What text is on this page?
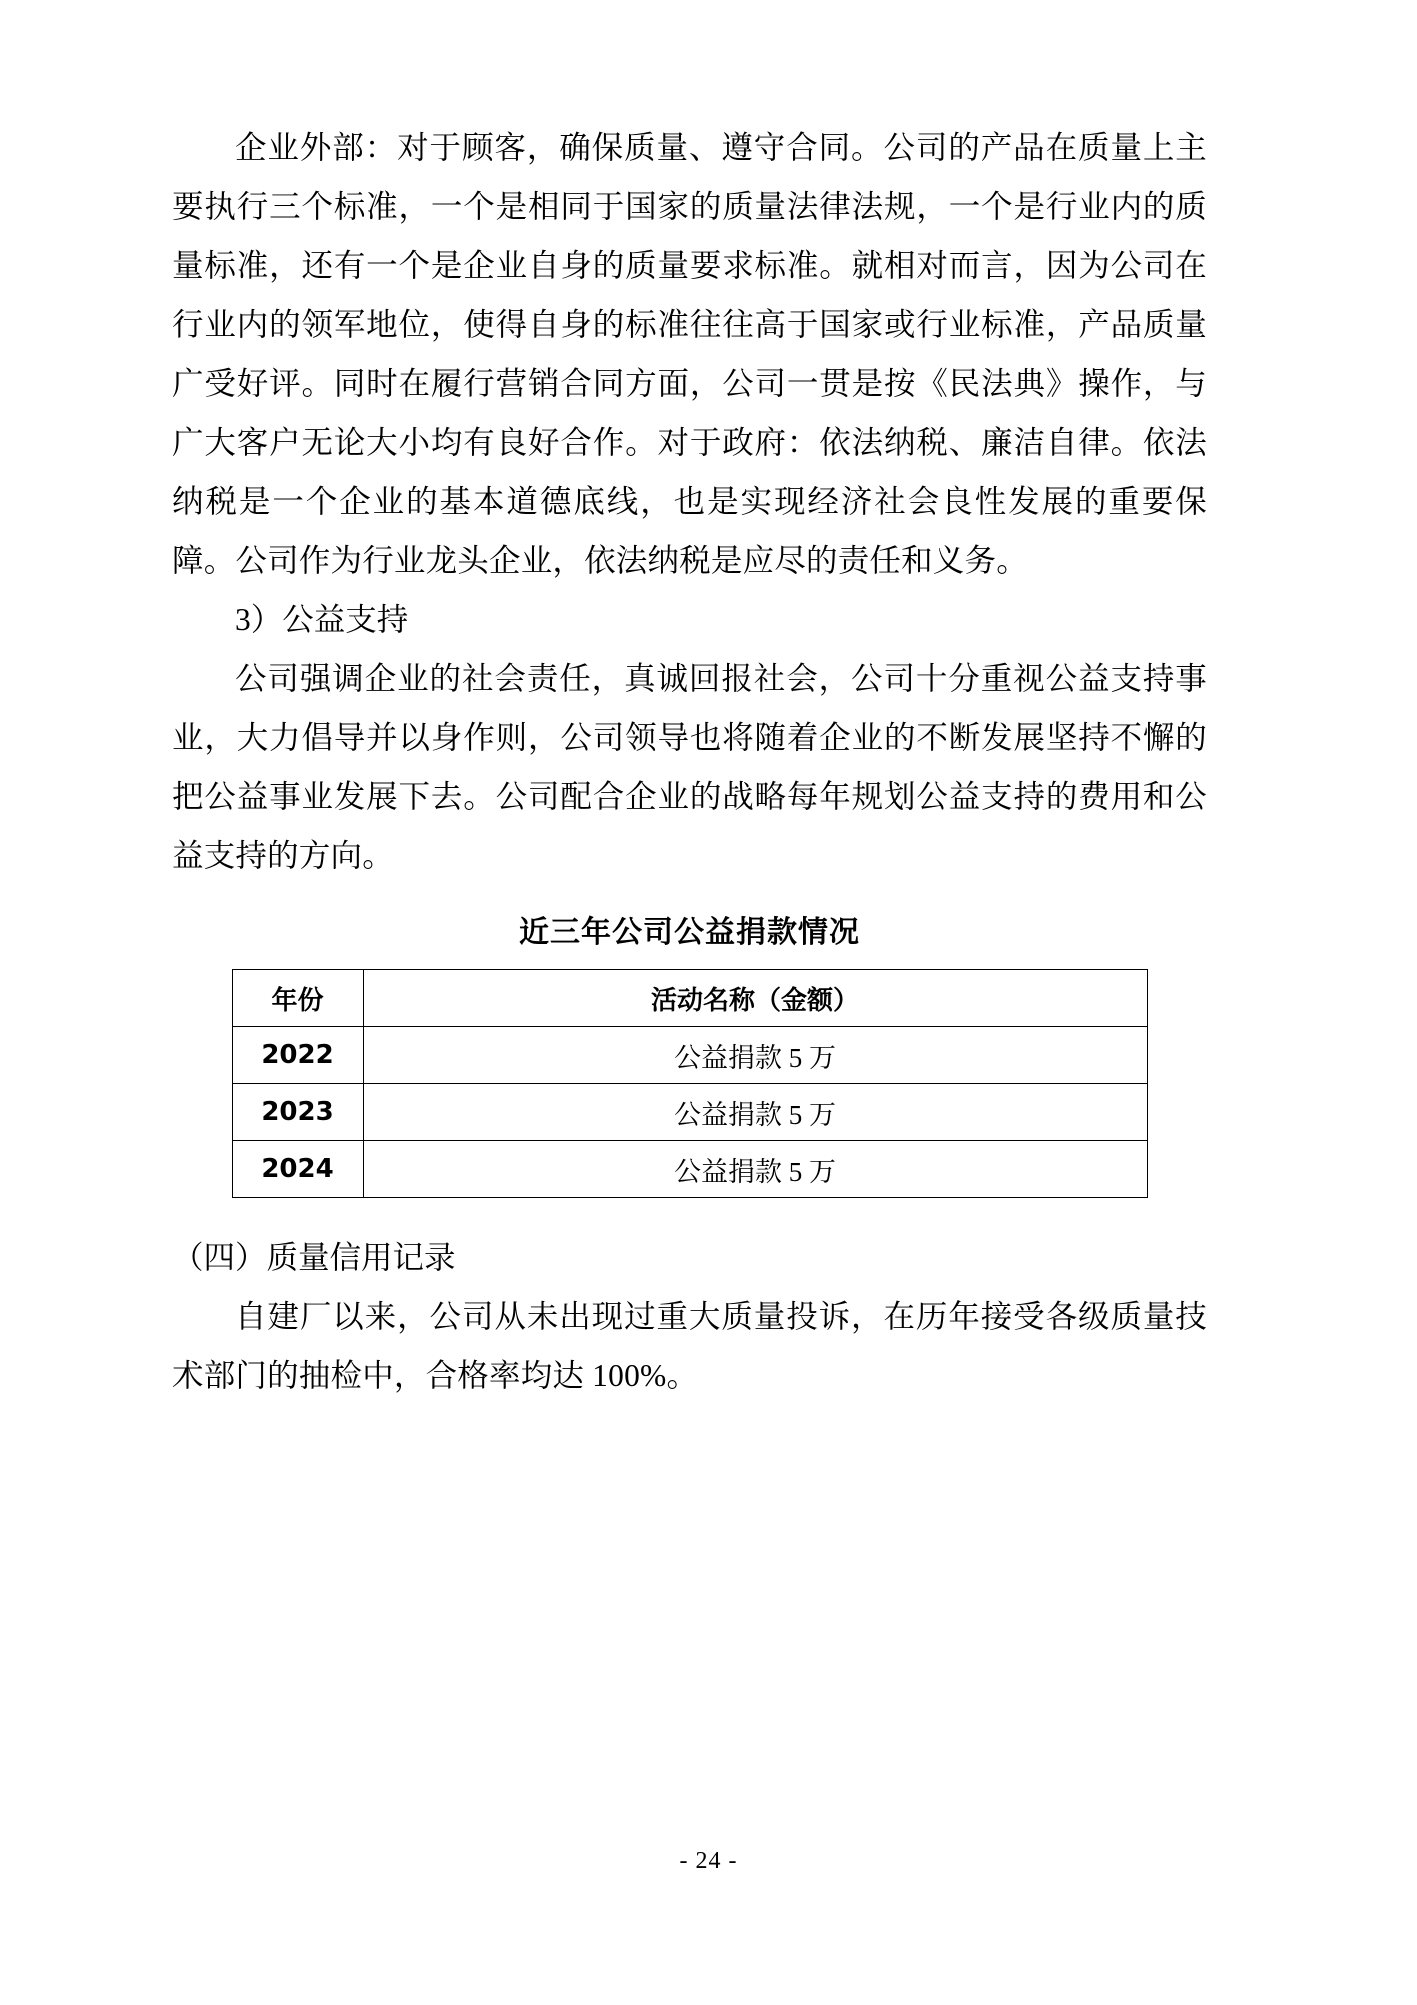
企业外部：对于顾客，确保质量、遵守合同。公司的产品在质量上主要执行三个标准，一个是相同于国家的质量法律法规，一个是行业内的质量标准，还有一个是企业自身的质量要求标准。就相对而言，因为公司在行业内的领军地位，使得自身的标准往往高于国家或行业标准，产品质量广受好评。同时在履行营销合同方面，公司一贯是按《民法典》操作，与广大客户无论大小均有良好合作。对于政府：依法纳税、廉洁自律。依法纳税是一个企业的基本道德底线，也是实现经济社会良性发展的重要保障。公司作为行业龙头企业，依法纳税是应尽的责任和义务。

3）公益支持

公司强调企业的社会责任，真诚回报社会，公司十分重视公益支持事业，大力倡导并以身作则，公司领导也将随着企业的不断发展坚持不懈的把公益事业发展下去。公司配合企业的战略每年规划公益支持的费用和公益支持的方向。

近三年公司公益捐款情况
年份	活动名称（金额）
2022	公益捐款 5 万
2023	公益捐款 5 万
2024	公益捐款 5 万

（四）质量信用记录

自建厂以来，公司从未出现过重大质量投诉，在历年接受各级质量技术部门的抽检中，合格率均达 100%。

- 24 -
